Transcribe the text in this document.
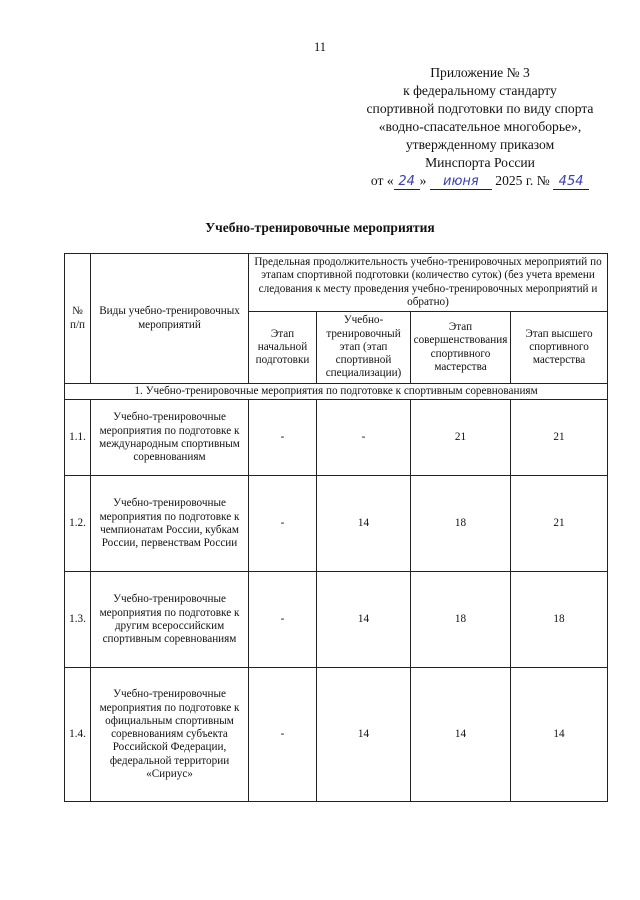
11
Приложение № 3
к федеральному стандарту
спортивной подготовки по виду спорта
«водно-спасательное многоборье»,
утвержденному приказом
Минспорта России
от « 24 » июня 2025 г. № 454
Учебно-тренировочные мероприятия
№ п/п	Виды учебно-тренировочных мероприятий	Предельная продолжительность учебно-тренировочных мероприятий по этапам спортивной подготовки (количество суток) (без учета времени следования к месту проведения учебно-тренировочных мероприятий и обратно)			
		Этап начальной подготовки	Учебно-тренировочный этап (этап спортивной специализации)	Этап совершенствования спортивного мастерства	Этап высшего спортивного мастерства
1. Учебно-тренировочные мероприятия по подготовке к спортивным соревнованиям					
1.1.	Учебно-тренировочные мероприятия по подготовке к международным спортивным соревнованиям	-	-	21	21
1.2.	Учебно-тренировочные мероприятия по подготовке к чемпионатам России, кубкам России, первенствам России	-	14	18	21
1.3.	Учебно-тренировочные мероприятия по подготовке к другим всероссийским спортивным соревнованиям	-	14	18	18
1.4.	Учебно-тренировочные мероприятия по подготовке к официальным спортивным соревнованиям субъекта Российской Федерации, федеральной территории «Сириус»	-	14	14	14
